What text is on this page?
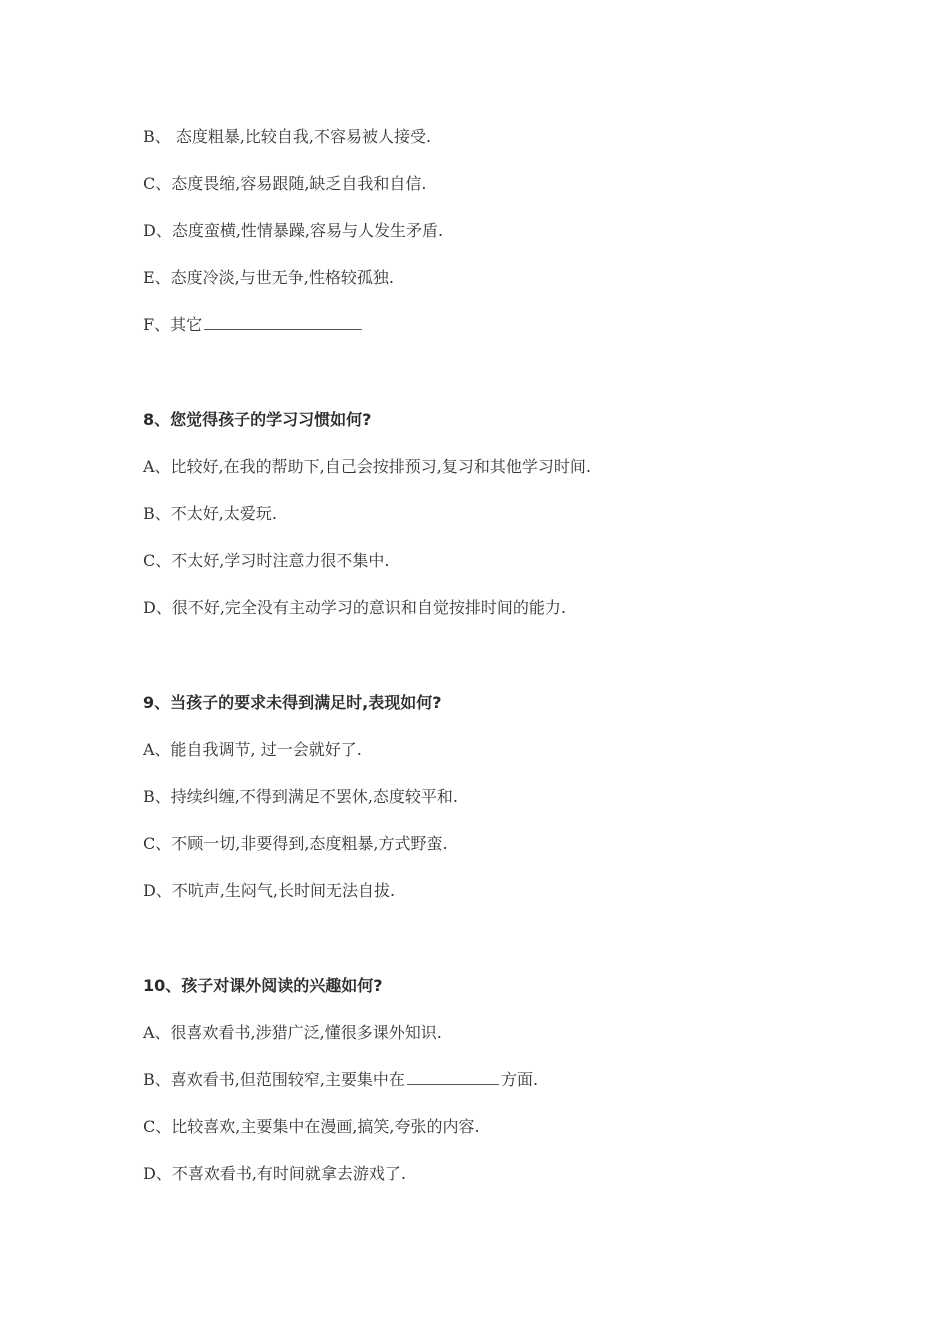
B、 态度粗暴,比较自我,不容易被人接受.
C、态度畏缩,容易跟随,缺乏自我和自信.
D、态度蛮横,性情暴躁,容易与人发生矛盾.
E、态度冷淡,与世无争,性格较孤独.
F、其它
8、您觉得孩子的学习习惯如何?
A、比较好,在我的帮助下,自己会按排预习,复习和其他学习时间.
B、不太好,太爱玩.
C、不太好,学习时注意力很不集中.
D、很不好,完全没有主动学习的意识和自觉按排时间的能力.
9、当孩子的要求未得到满足时,表现如何?
A、能自我调节, 过一会就好了.
B、持续纠缠,不得到满足不罢休,态度较平和.
C、不顾一切,非要得到,态度粗暴,方式野蛮.
D、不吭声,生闷气,长时间无法自拔.
10、孩子对课外阅读的兴趣如何?
A、很喜欢看书,涉猎广泛,懂很多课外知识.
B、喜欢看书,但范围较窄,主要集中在	方面.
C、比较喜欢,主要集中在漫画,搞笑,夸张的内容.
D、不喜欢看书,有时间就拿去游戏了.
